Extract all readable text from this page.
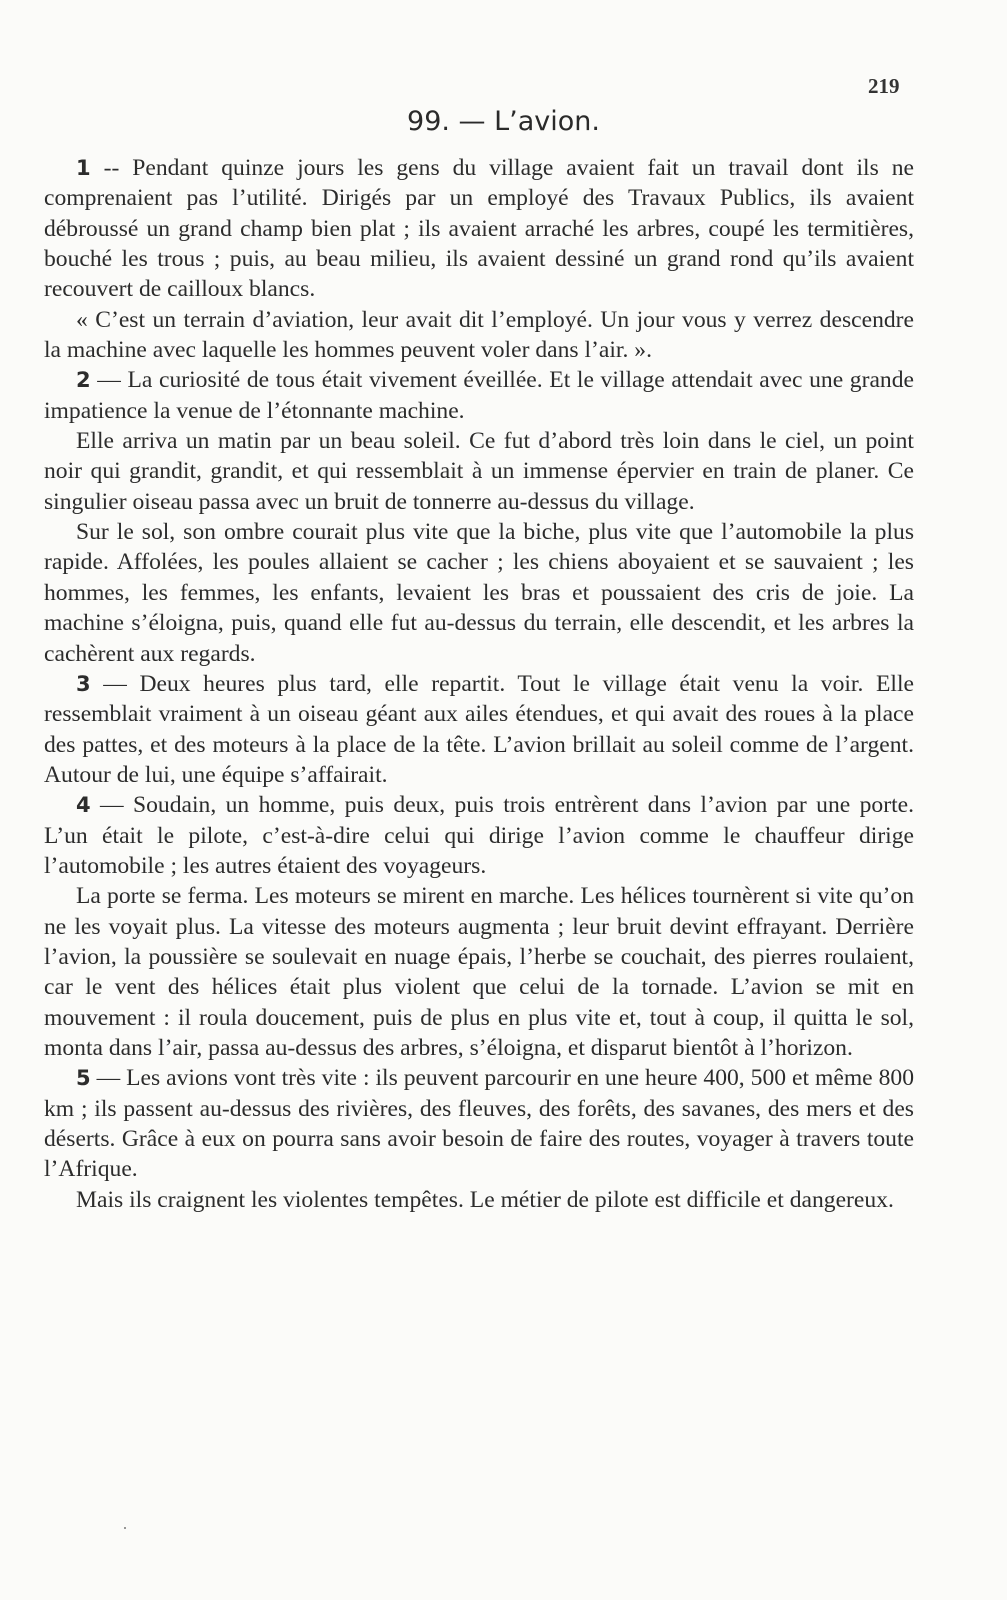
219
99. — L’avion.

1 -- Pendant quinze jours les gens du village avaient fait un travail dont ils ne comprenaient pas l’utilité. Dirigés par un employé des Travaux Publics, ils avaient débroussé un grand champ bien plat ; ils avaient arraché les arbres, coupé les termitières, bouché les trous ; puis, au beau milieu, ils avaient dessiné un grand rond qu’ils avaient recouvert de cailloux blancs.

« C’est un terrain d’aviation, leur avait dit l’employé. Un jour vous y verrez descendre la machine avec laquelle les hommes peuvent voler dans l’air. ».

2 — La curiosité de tous était vivement éveillée. Et le village attendait avec une grande impatience la venue de l’étonnante machine.

Elle arriva un matin par un beau soleil. Ce fut d’abord très loin dans le ciel, un point noir qui grandit, grandit, et qui ressemblait à un immense épervier en train de planer. Ce singulier oiseau passa avec un bruit de tonnerre au-dessus du village.

Sur le sol, son ombre courait plus vite que la biche, plus vite que l’automobile la plus rapide. Affolées, les poules allaient se cacher ; les chiens aboyaient et se sauvaient ; les hommes, les femmes, les enfants, levaient les bras et poussaient des cris de joie. La machine s’éloigna, puis, quand elle fut au-dessus du terrain, elle descendit, et les arbres la cachèrent aux regards.

3 — Deux heures plus tard, elle repartit. Tout le village était venu la voir. Elle ressemblait vraiment à un oiseau géant aux ailes étendues, et qui avait des roues à la place des pattes, et des moteurs à la place de la tête. L’avion brillait au soleil comme de l’argent. Autour de lui, une équipe s’affairait.

4 — Soudain, un homme, puis deux, puis trois entrèrent dans l’avion par une porte. L’un était le pilote, c’est-à-dire celui qui dirige l’avion comme le chauffeur dirige l’automobile ; les autres étaient des voyageurs.

La porte se ferma. Les moteurs se mirent en marche. Les hélices tournèrent si vite qu’on ne les voyait plus. La vitesse des moteurs augmenta ; leur bruit devint effrayant. Derrière l’avion, la poussière se soulevait en nuage épais, l’herbe se couchait, des pierres roulaient, car le vent des hélices était plus violent que celui de la tornade. L’avion se mit en mouvement : il roula doucement, puis de plus en plus vite et, tout à coup, il quitta le sol, monta dans l’air, passa au-dessus des arbres, s’éloigna, et disparut bientôt à l’horizon.

5 — Les avions vont très vite : ils peuvent parcourir en une heure 400, 500 et même 800 km ; ils passent au-dessus des rivières, des fleuves, des forêts, des savanes, des mers et des déserts. Grâce à eux on pourra sans avoir besoin de faire des routes, voyager à travers toute l’Afrique.

Mais ils craignent les violentes tempêtes. Le métier de pilote est difficile et dangereux.
